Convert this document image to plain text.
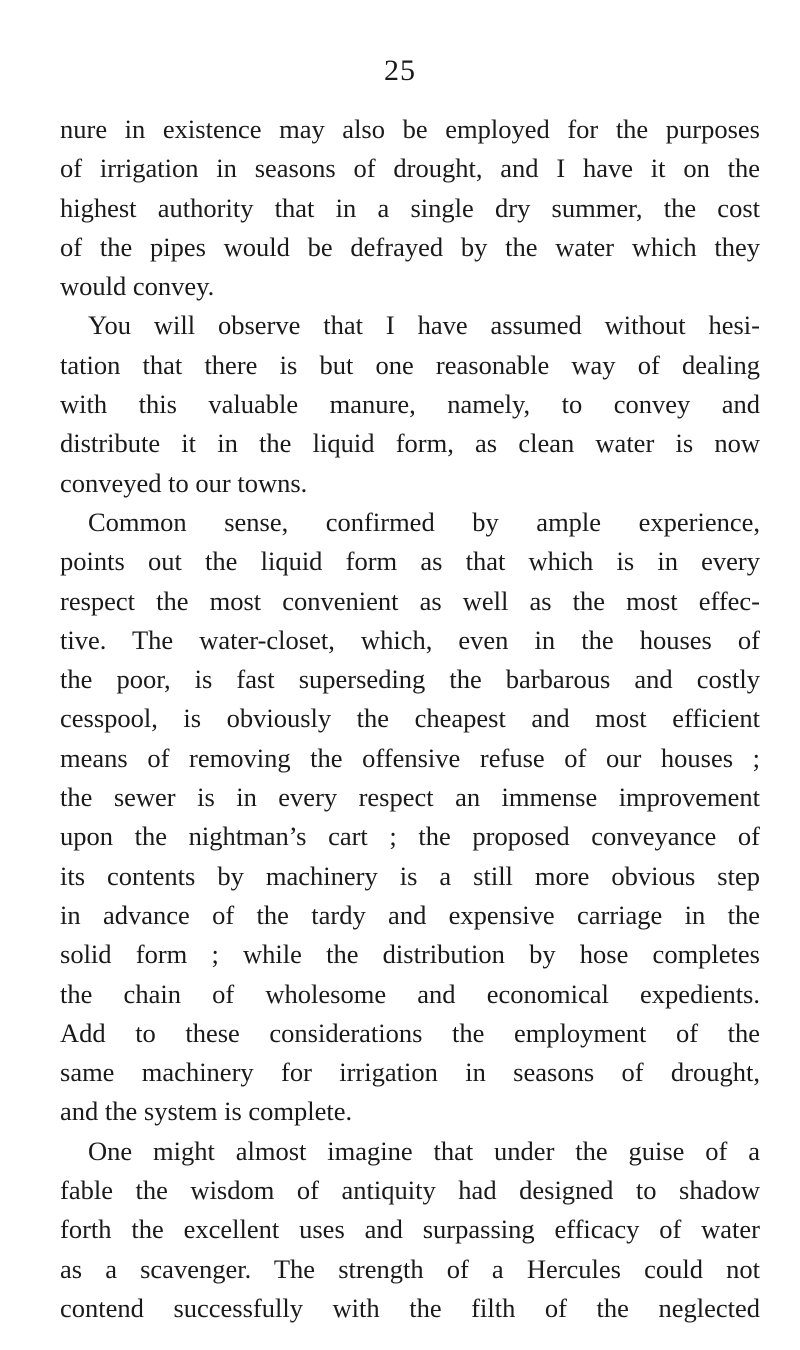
25
nure in existence may also be employed for the purposes
of irrigation in seasons of drought, and I have it on the
highest authority that in a single dry summer, the cost
of the pipes would be defrayed by the water which they
would convey.
You will observe that I have assumed without hesi-
tation that there is but one reasonable way of dealing
with this valuable manure, namely, to convey and
distribute it in the liquid form, as clean water is now
conveyed to our towns.
Common sense, confirmed by ample experience,
points out the liquid form as that which is in every
respect the most convenient as well as the most effec-
tive. The water-closet, which, even in the houses of
the poor, is fast superseding the barbarous and costly
cesspool, is obviously the cheapest and most efficient
means of removing the offensive refuse of our houses ;
the sewer is in every respect an immense improvement
upon the nightman’s cart ; the proposed conveyance of
its contents by machinery is a still more obvious step
in advance of the tardy and expensive carriage in the
solid form ; while the distribution by hose completes
the chain of wholesome and economical expedients.
Add to these considerations the employment of the
same machinery for irrigation in seasons of drought,
and the system is complete.
One might almost imagine that under the guise of a
fable the wisdom of antiquity had designed to shadow
forth the excellent uses and surpassing efficacy of water
as a scavenger. The strength of a Hercules could not
contend successfully with the filth of the neglected
